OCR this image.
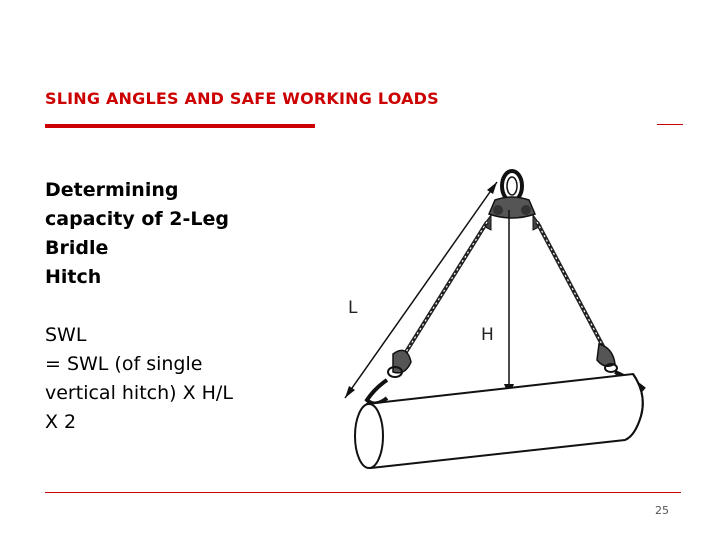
SLING ANGLES AND SAFE WORKING LOADS
Determining
capacity of 2-Leg
Bridle
Hitch
SWL
= SWL (of single
vertical hitch) X H/L
X 2
L
H
25
